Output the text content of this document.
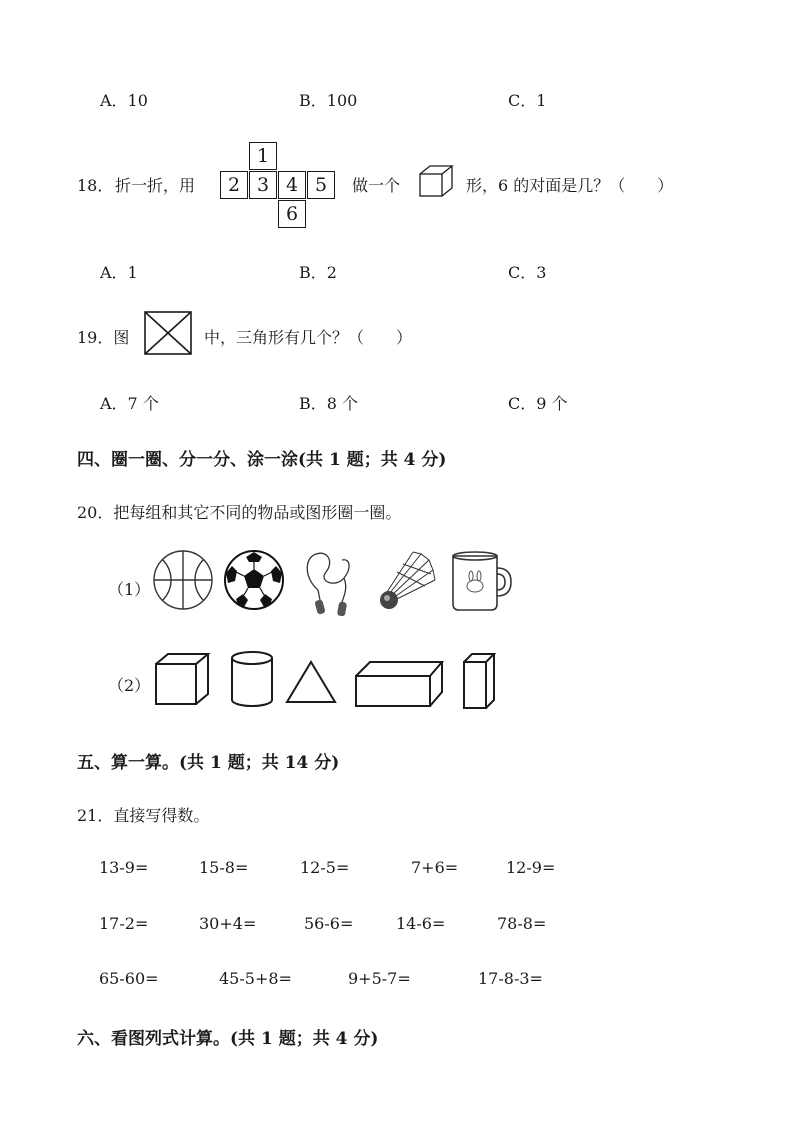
A．10	B．100	C．1
18． 折一折，用
1
2 3 4 5
6
做一个	形，6 的对面是几？（　　）
A．1	B．2	C．3
19．图	中，三角形有几个？（　　）
A．7 个	B．8 个	C．9 个
四、圈一圈、分一分、涂一涂(共 1 题；共 4 分)
20．把每组和其它不同的物品或图形圈一圈。
（1）
（2）
五、算一算。(共 1 题；共 14 分)
21．直接写得数。
13-9=	15-8=	12-5=	7+6=	12-9=
17-2=	30+4=	56-6=	14-6=	78-8=
65-60=	45-5+8=	9+5-7=	17-8-3=
六、看图列式计算。(共 1 题；共 4 分)
